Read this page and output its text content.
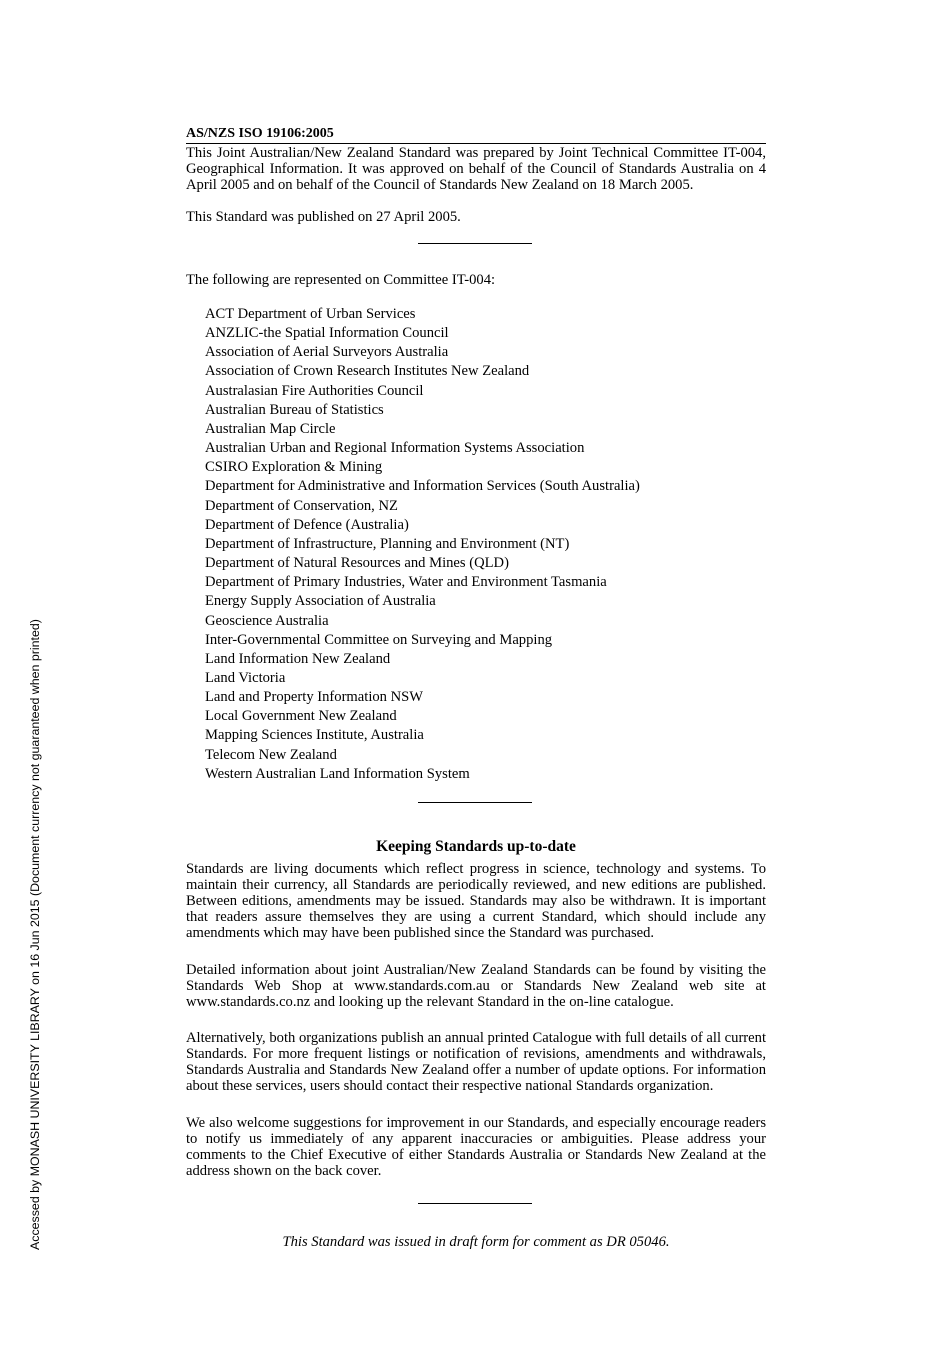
Accessed by MONASH UNIVERSITY LIBRARY on 16 Jun 2015 (Document currency not guaranteed when printed)
AS/NZS ISO 19106:2005
This Joint Australian/New Zealand Standard was prepared by Joint Technical Committee IT-004, Geographical Information. It was approved on behalf of the Council of Standards Australia on 4 April 2005 and on behalf of the Council of Standards New Zealand on 18 March 2005.
This Standard was published on 27 April 2005.
The following are represented on Committee IT-004:
ACT Department of Urban Services
ANZLIC-the Spatial Information Council
Association of Aerial Surveyors Australia
Association of Crown Research Institutes New Zealand
Australasian Fire Authorities Council
Australian Bureau of Statistics
Australian Map Circle
Australian Urban and Regional Information Systems Association
CSIRO Exploration & Mining
Department for Administrative and Information Services (South Australia)
Department of Conservation, NZ
Department of Defence (Australia)
Department of Infrastructure, Planning and Environment (NT)
Department of Natural Resources and Mines (QLD)
Department of Primary Industries, Water and Environment Tasmania
Energy Supply Association of Australia
Geoscience Australia
Inter-Governmental Committee on Surveying and Mapping
Land Information New Zealand
Land Victoria
Land and Property Information NSW
Local Government New Zealand
Mapping Sciences Institute, Australia
Telecom New Zealand
Western Australian Land Information System
Keeping Standards up-to-date
Standards are living documents which reflect progress in science, technology and systems. To maintain their currency, all Standards are periodically reviewed, and new editions are published. Between editions, amendments may be issued. Standards may also be withdrawn. It is important that readers assure themselves they are using a current Standard, which should include any amendments which may have been published since the Standard was purchased.
Detailed information about joint Australian/New Zealand Standards can be found by visiting the Standards Web Shop at www.standards.com.au or Standards New Zealand web site at www.standards.co.nz and looking up the relevant Standard in the on-line catalogue.
Alternatively, both organizations publish an annual printed Catalogue with full details of all current Standards. For more frequent listings or notification of revisions, amendments and withdrawals, Standards Australia and Standards New Zealand offer a number of update options. For information about these services, users should contact their respective national Standards organization.
We also welcome suggestions for improvement in our Standards, and especially encourage readers to notify us immediately of any apparent inaccuracies or ambiguities. Please address your comments to the Chief Executive of either Standards Australia or Standards New Zealand at the address shown on the back cover.
This Standard was issued in draft form for comment as DR 05046.
